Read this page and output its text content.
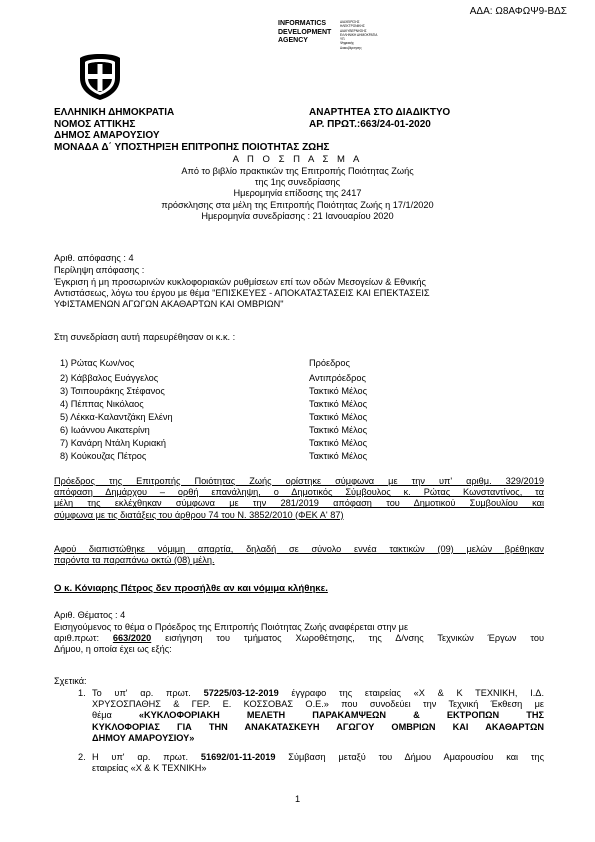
ΑΔΑ: Ω8ΑΦΩΨ9-ΒΔΣ
INFORMATICS
DEVELOPMENT
AGENCY
ΔΙΑΧΕΙΡΙΣΗΣ
ΗΛΕΚΤΡΟΝΙΚΗΣ
ΔΙΑΚΥΒΕΡΝΗΣΗΣ
ΕΛΛΗΝΙΚΗ ΔΗΜΟΚΡΑΤΙΑ
ΥΠ.
Ψηφιακής
Διακυβέρνησης
ΕΛΛΗΝΙΚΗ ΔΗΜΟΚΡΑΤΙΑ
ΝΟΜΟΣ ΑΤΤΙΚΗΣ
ΔΗΜΟΣ ΑΜΑΡΟΥΣΙΟΥ
ΜΟΝΑΔΑ Δ΄ ΥΠΟΣΤΗΡΙΞΗ ΕΠΙΤΡΟΠΗΣ ΠΟΙΟΤΗΤΑΣ ΖΩΗΣ
ΑΝΑΡΤΗΤΕΑ ΣΤΟ ΔΙΑΔΙΚΤΥΟ
ΑΡ. ΠΡΩΤ.:663/24-01-2020
Α Π Ο Σ Π Α Σ Μ Α
Από το βιβλίο πρακτικών της Επιτροπής Ποιότητας Ζωής
της 1ης συνεδρίασης
Ημερομηνία επίδοσης της 2417
πρόσκλησης στα μέλη της Επιτροπής Ποιότητας Ζωής η 17/1/2020
Ημερομηνία συνεδρίασης : 21 Ιανουαρίου 2020
Αριθ. απόφασης : 4
Περίληψη απόφασης :
Έγκριση ή μη προσωρινών κυκλοφοριακών ρυθμίσεων επί των οδών Μεσογείων & Εθνικής
Αντιστάσεως, λόγω του έργου με θέμα "ΕΠΙΣΚΕΥΕΣ - ΑΠΟΚΑΤΑΣΤΑΣΕΙΣ ΚΑΙ ΕΠΕΚΤΑΣΕΙΣ
ΥΦΙΣΤΑΜΕΝΩΝ ΑΓΩΓΩΝ ΑΚΑΘΑΡΤΩΝ ΚΑΙ ΟΜΒΡΙΩΝ"
Στη συνεδρίαση αυτή παρευρέθησαν οι κ.κ. :
1) Ρώτας Κων/νος	Πρόεδρος
2) Κάββαλος Ευάγγελος	Αντιπρόεδρος
3) Τσιπουράκης Στέφανος	Τακτικό Μέλος
4) Πέππας Νικόλαος	Τακτικό Μέλος
5) Λέκκα-Καλαντζάκη Ελένη	Τακτικό Μέλος
6) Ιωάννου Αικατερίνη	Τακτικό Μέλος
7) Κανάρη Ντάλη Κυριακή	Τακτικό Μέλος
8) Κούκουζας Πέτρος	Τακτικό Μέλος
Πρόεδρος της Επιτροπής Ποιότητας Ζωής ορίστηκε σύμφωνα με την υπ' αριθμ. 329/2019
απόφαση Δημάρχου – ορθή επανάληψη, ο Δημοτικός Σύμβουλος κ. Ρώτας Κωνσταντίνος, τα
μέλη της εκλέχθηκαν σύμφωνα με την 281/2019 απόφαση του Δημοτικού Συμβουλίου και
σύμφωνα με τις διατάξεις του άρθρου 74 του Ν. 3852/2010 (ΦΕΚ Α' 87)
Αφού διαπιστώθηκε νόμιμη απαρτία, δηλαδή σε σύνολο εννέα τακτικών (09) μελών βρέθηκαν
παρόντα τα παραπάνω οκτώ (08) μέλη.
Ο κ. Κόνιαρης Πέτρος δεν προσήλθε αν και νόμιμα κλήθηκε.
Αριθ. Θέματος : 4
Εισηγούμενος το θέμα ο Πρόεδρος της Επιτροπής Ποιότητας Ζωής αναφέρεται στην με
αριθ.πρωτ: 663/2020 εισήγηση του τμήματος Χωροθέτησης, της Δ/νσης Τεχνικών Έργων του
Δήμου, η οποία έχει ως εξής:
Σχετικά:
1. Το υπ' αρ. πρωτ. 57225/03-12-2019 έγγραφο της εταιρείας «Χ & Κ ΤΕΧΝΙΚΗ, Ι.Δ.
ΧΡΥΣΟΣΠΑΘΗΣ & ΓΕΡ. Ε. ΚΟΣΣΟΒΑΣ Ο.Ε.» που συνοδεύει την Τεχνική Έκθεση με
θέμα	«ΚΥΚΛΟΦΟΡΙΑΚΗ ΜΕΛΕΤΗ ΠΑΡΑΚΑΜΨΕΩΝ & ΕΚΤΡΟΠΩΝ ΤΗΣ
ΚΥΚΛΟΦΟΡΙΑΣ ΓΙΑ ΤΗΝ ΑΝΑΚΑΤΑΣΚΕΥΗ ΑΓΩΓΟΥ ΟΜΒΡΙΩΝ ΚΑΙ ΑΚΑΘΑΡΤΩΝ
ΔΗΜΟΥ ΑΜΑΡΟΥΣΙΟΥ»
2. Η υπ' αρ. πρωτ. 51692/01-11-2019 Σύμβαση μεταξύ του Δήμου Αμαρουσίου και της
εταιρείας «Χ & Κ ΤΕΧΝΙΚΗ»
1
